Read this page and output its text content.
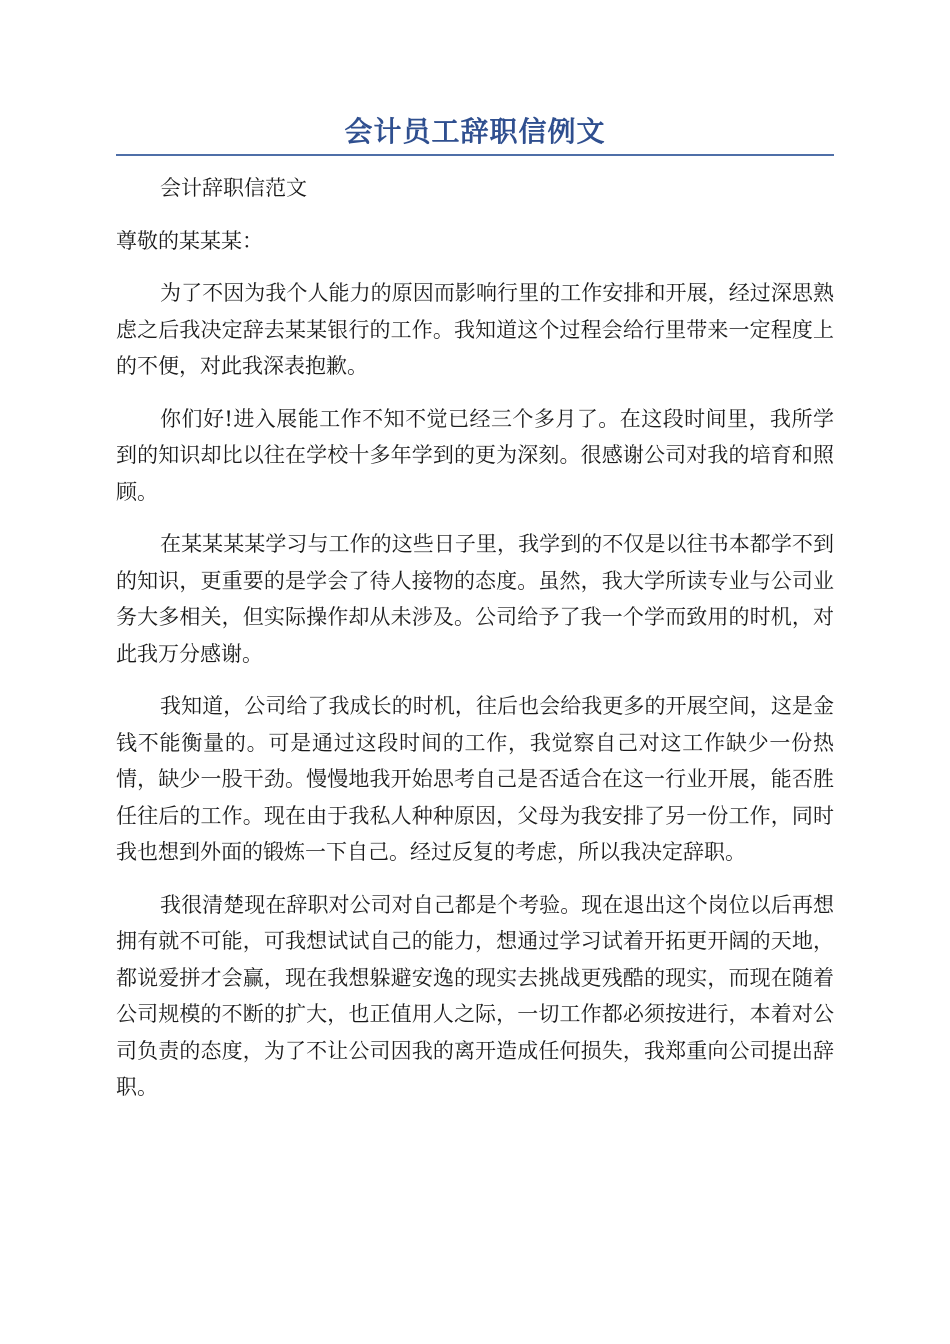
会计员工辞职信例文

会计辞职信范文

尊敬的某某某：

为了不因为我个人能力的原因而影响行里的工作安排和开展，经过深思熟虑之后我决定辞去某某银行的工作。我知道这个过程会给行里带来一定程度上的不便，对此我深表抱歉。

你们好!进入展能工作不知不觉已经三个多月了。在这段时间里，我所学到的知识却比以往在学校十多年学到的更为深刻。很感谢公司对我的培育和照顾。

在某某某某学习与工作的这些日子里，我学到的不仅是以往书本都学不到的知识，更重要的是学会了待人接物的态度。虽然，我大学所读专业与公司业务大多相关，但实际操作却从未涉及。公司给予了我一个学而致用的时机，对此我万分感谢。

我知道，公司给了我成长的时机，往后也会给我更多的开展空间，这是金钱不能衡量的。可是通过这段时间的工作，我觉察自己对这工作缺少一份热情，缺少一股干劲。慢慢地我开始思考自己是否适合在这一行业开展，能否胜任往后的工作。现在由于我私人种种原因，父母为我安排了另一份工作，同时我也想到外面的锻炼一下自己。经过反复的考虑，所以我决定辞职。

我很清楚现在辞职对公司对自己都是个考验。现在退出这个岗位以后再想拥有就不可能，可我想试试自己的能力，想通过学习试着开拓更开阔的天地，都说爱拼才会赢，现在我想躲避安逸的现实去挑战更残酷的现实，而现在随着公司规模的不断的扩大，也正值用人之际，一切工作都必须按进行，本着对公司负责的态度，为了不让公司因我的离开造成任何损失，我郑重向公司提出辞职。
